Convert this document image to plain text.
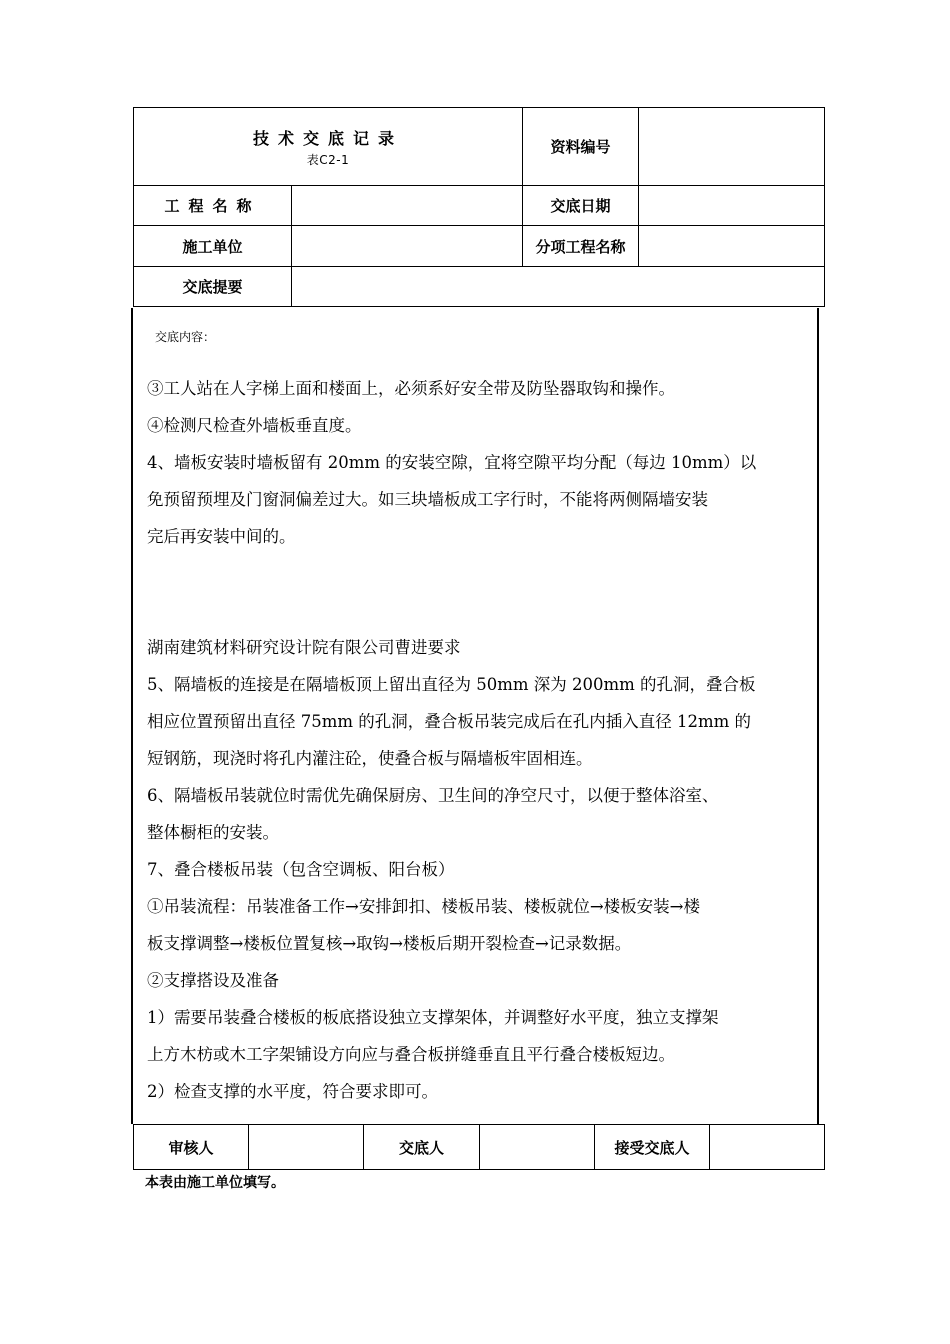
技术交底记录
表C2-1		资料编号	
工程名称		交底日期	
施工单位		分项工程名称	
交底提要			
交底内容：

③工人站在人字梯上面和楼面上，必须系好安全带及防坠器取钩和操作。

④检测尺检查外墙板垂直度。

4、墙板安装时墙板留有 20mm 的安装空隙，宜将空隙平均分配（每边 10mm）以

免预留预埋及门窗洞偏差过大。如三块墙板成工字行时，不能将两侧隔墙安装

完后再安装中间的。

湖南建筑材料研究设计院有限公司曹进要求

5、隔墙板的连接是在隔墙板顶上留出直径为 50mm 深为 200mm 的孔洞，叠合板

相应位置预留出直径 75mm 的孔洞，叠合板吊装完成后在孔内插入直径 12mm 的

短钢筋，现浇时将孔内灌注砼，使叠合板与隔墙板牢固相连。

6、隔墙板吊装就位时需优先确保厨房、卫生间的净空尺寸，以便于整体浴室、

整体橱柜的安装。

7、叠合楼板吊装（包含空调板、阳台板）

①吊装流程：吊装准备工作→安排卸扣、楼板吊装、楼板就位→楼板安装→楼

板支撑调整→楼板位置复核→取钩→楼板后期开裂检查→记录数据。

②支撑搭设及准备

1）需要吊装叠合楼板的板底搭设独立支撑架体，并调整好水平度，独立支撑架

上方木枋或木工字架铺设方向应与叠合板拼缝垂直且平行叠合楼板短边。

2）检查支撑的水平度，符合要求即可。

审核人		交底人		接受交底人	
本表由施工单位填写。
